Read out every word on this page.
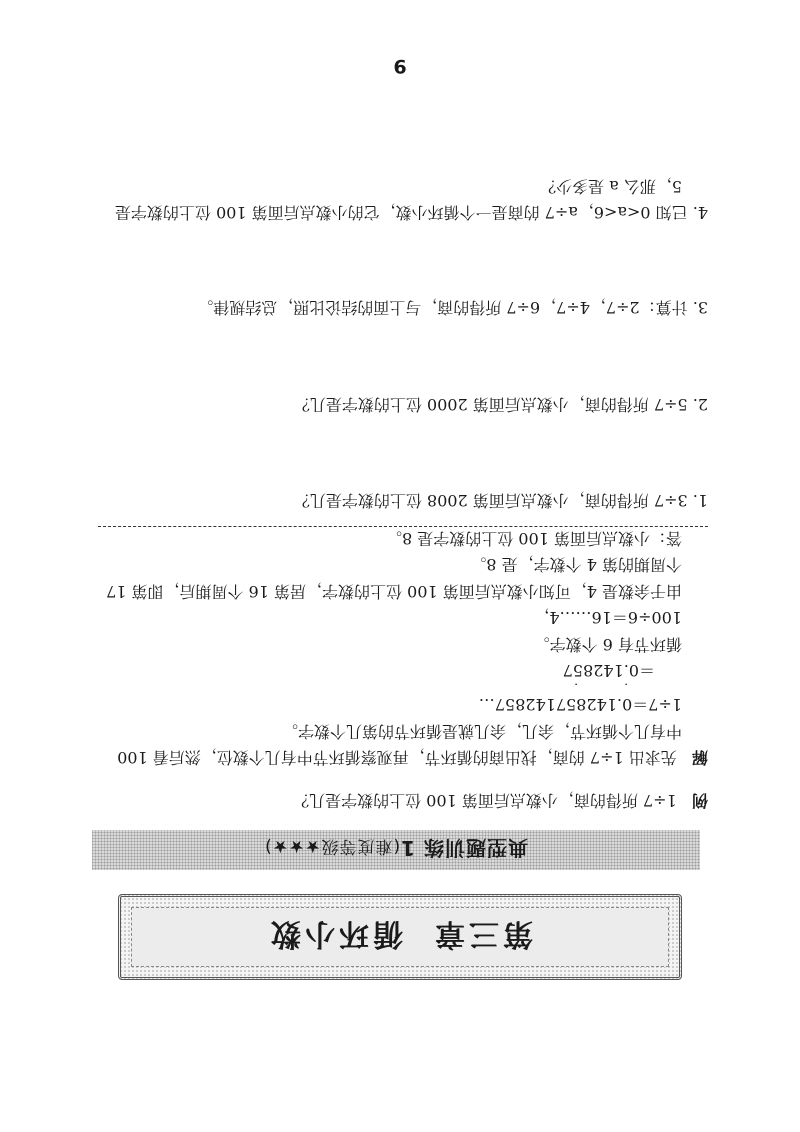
第三章循环小数
典型题训练 1(难度等级★★★)
例   1÷7 所得的商，小数点后面第 100 位上的数字是几？
解   先求出 1÷7 的商，找出商的循环节，再观察循环节中有几个数位，然后看 100
中有几个循环节，余几，余几就是循环节的第几个数字。
1÷7＝0.142857142857…
＝0.142857
·
·
循环节有 6 个数字。
100÷6＝16……4，
由于余数是 4，可知小数点后面第 100 位上的数字，居第 16 个周期后，即第 17
个周期的第 4 个数字，是 8。
答：小数点后面第 100 位上的数字是 8。
1. 3÷7 所得的商，小数点后面第 2008 位上的数字是几？
2. 5÷7 所得的商，小数点后面第 2000 位上的数字是几？
3. 计算：2÷7，4÷7，6÷7 所得的商，与上面的结论比照，总结规律。
4. 已知 0<a<6，a÷7 的商是一个循环小数，它的小数点后面第 100 位上的数字是
5，那么 a 是多少？
9
